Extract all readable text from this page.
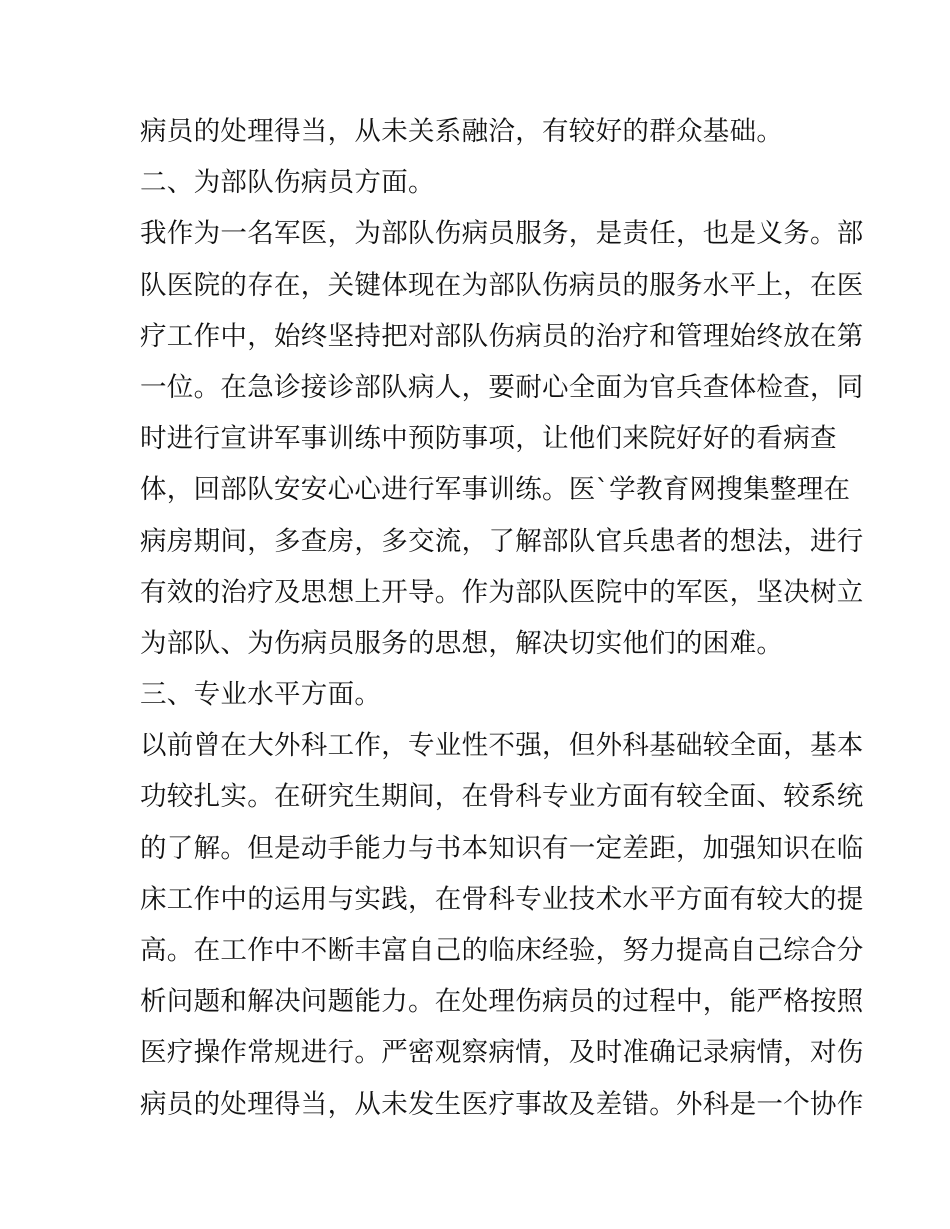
病员的处理得当，从未关系融洽，有较好的群众基础。
二、为部队伤病员方面。
我作为一名军医，为部队伤病员服务，是责任，也是义务。部
队医院的存在，关键体现在为部队伤病员的服务水平上，在医
疗工作中，始终坚持把对部队伤病员的治疗和管理始终放在第
一位。在急诊接诊部队病人，要耐心全面为官兵查体检查，同
时进行宣讲军事训练中预防事项，让他们来院好好的看病查
体，回部队安安心心进行军事训练。医`学教育网搜集整理在
病房期间，多查房，多交流，了解部队官兵患者的想法，进行
有效的治疗及思想上开导。作为部队医院中的军医，坚决树立
为部队、为伤病员服务的思想，解决切实他们的困难。
三、专业水平方面。
以前曾在大外科工作，专业性不强，但外科基础较全面，基本
功较扎实。在研究生期间，在骨科专业方面有较全面、较系统
的了解。但是动手能力与书本知识有一定差距，加强知识在临
床工作中的运用与实践，在骨科专业技术水平方面有较大的提
高。在工作中不断丰富自己的临床经验，努力提高自己综合分
析问题和解决问题能力。在处理伤病员的过程中，能严格按照
医疗操作常规进行。严密观察病情，及时准确记录病情，对伤
病员的处理得当，从未发生医疗事故及差错。外科是一个协作
